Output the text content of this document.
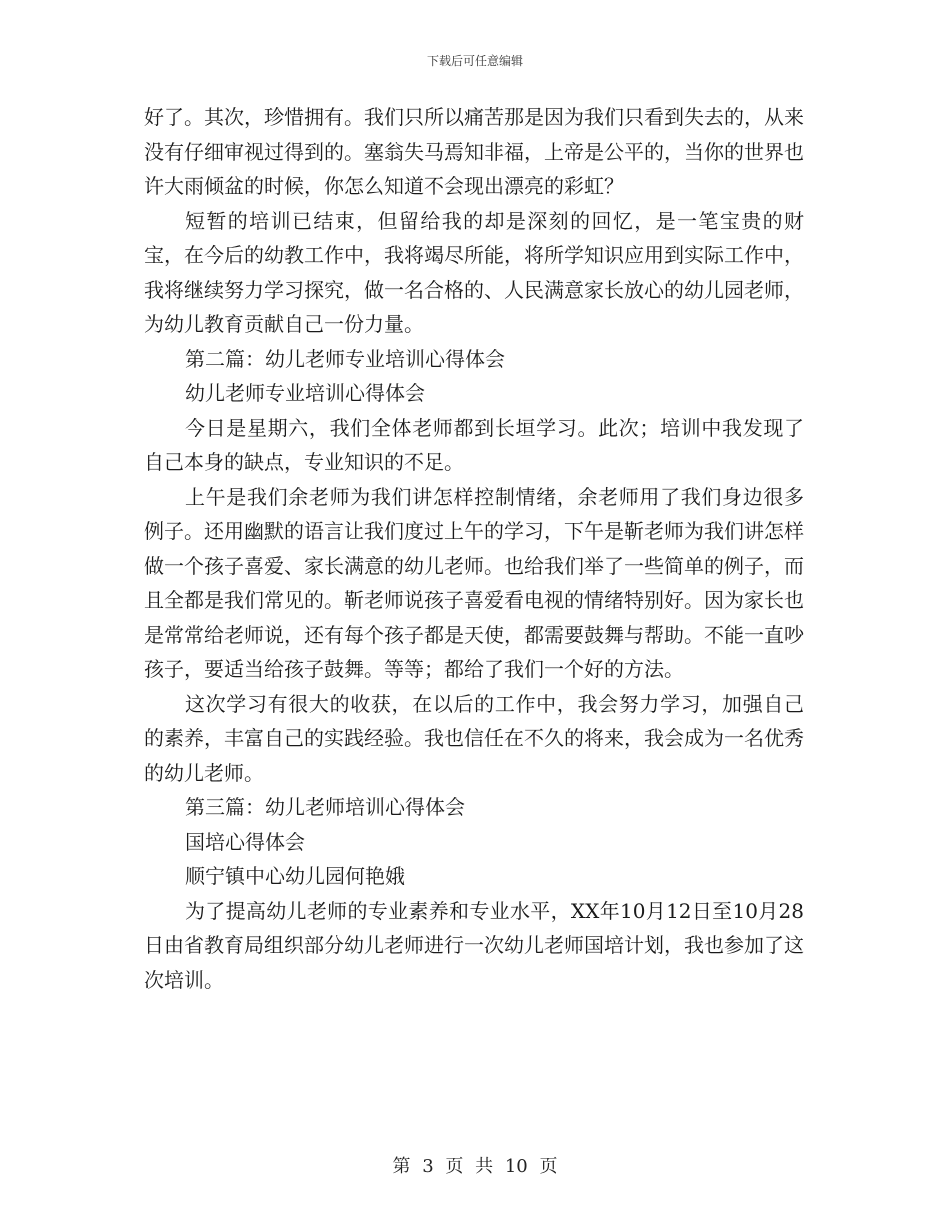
下载后可任意编辑

好了。其次，珍惜拥有。我们只所以痛苦那是因为我们只看到失去的，从来没有仔细审视过得到的。塞翁失马焉知非福，上帝是公平的，当你的世界也许大雨倾盆的时候，你怎么知道不会现出漂亮的彩虹？

短暂的培训已结束，但留给我的却是深刻的回忆，是一笔宝贵的财宝，在今后的幼教工作中，我将竭尽所能，将所学知识应用到实际工作中，我将继续努力学习探究，做一名合格的、人民满意家长放心的幼儿园老师，为幼儿教育贡献自己一份力量。

第二篇：幼儿老师专业培训心得体会

幼儿老师专业培训心得体会

今日是星期六，我们全体老师都到长垣学习。此次；培训中我发现了自己本身的缺点，专业知识的不足。

上午是我们余老师为我们讲怎样控制情绪，余老师用了我们身边很多例子。还用幽默的语言让我们度过上午的学习，下午是靳老师为我们讲怎样做一个孩子喜爱、家长满意的幼儿老师。也给我们举了一些简单的例子，而且全都是我们常见的。靳老师说孩子喜爱看电视的情绪特别好。因为家长也是常常给老师说，还有每个孩子都是天使，都需要鼓舞与帮助。不能一直吵孩子，要适当给孩子鼓舞。等等；都给了我们一个好的方法。

这次学习有很大的收获，在以后的工作中，我会努力学习，加强自己的素养，丰富自己的实践经验。我也信任在不久的将来，我会成为一名优秀的幼儿老师。

第三篇：幼儿老师培训心得体会

国培心得体会

顺宁镇中心幼儿园何艳娥

为了提高幼儿老师的专业素养和专业水平，XX年10月12日至10月28日由省教育局组织部分幼儿老师进行一次幼儿老师国培计划，我也参加了这次培训。

第 3 页 共 10 页
